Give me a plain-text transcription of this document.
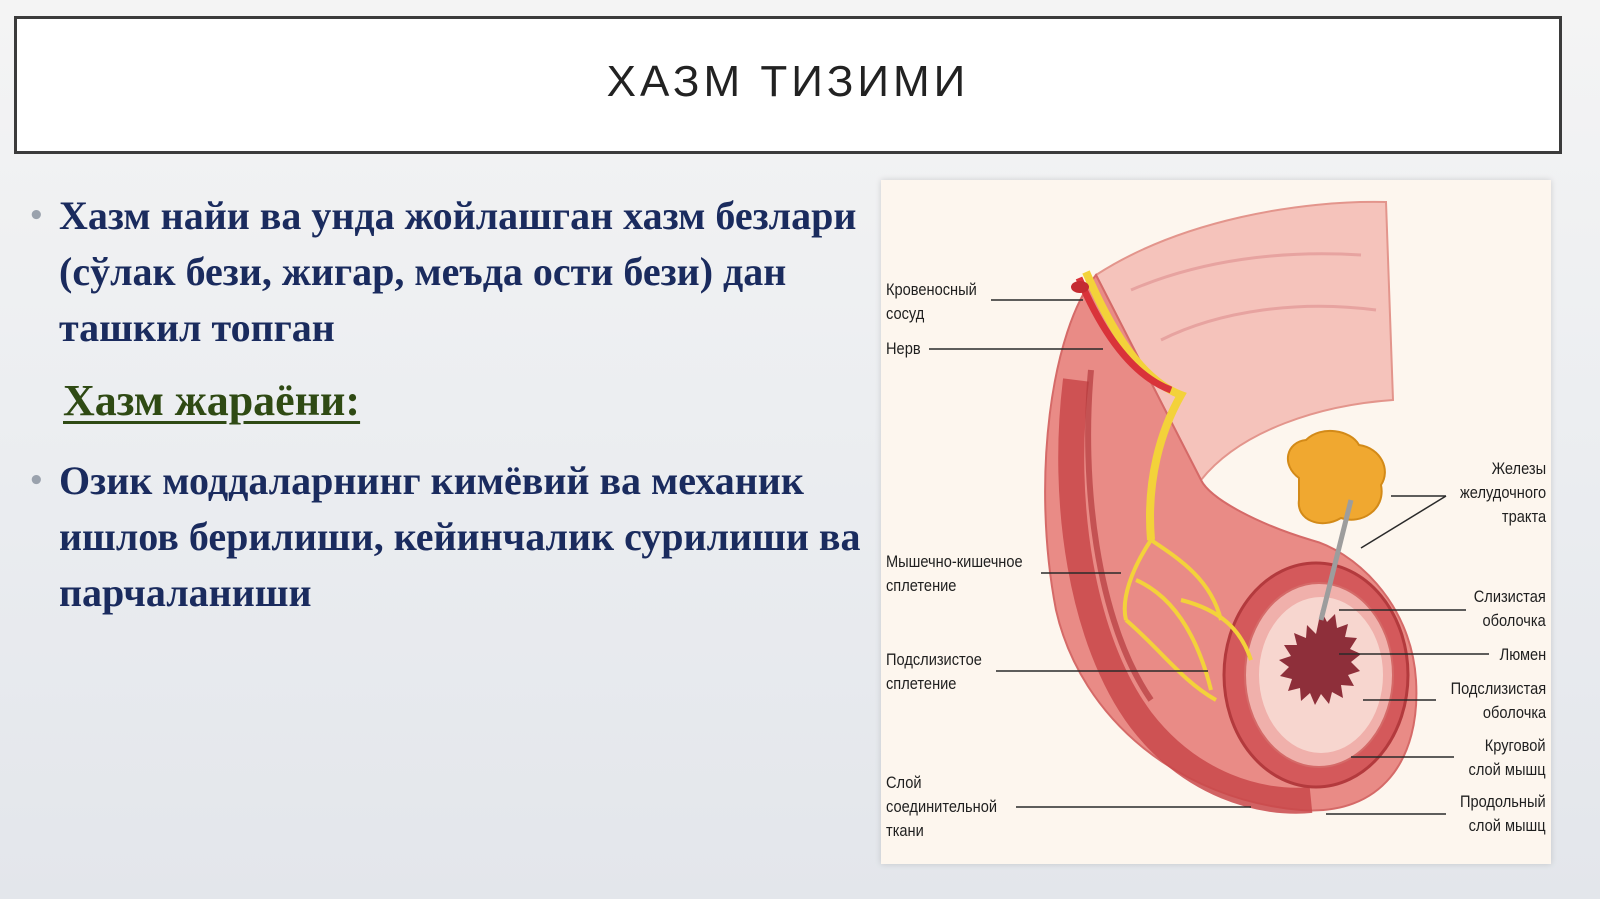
ХАЗМ ТИЗИМИ
• Хазм найи ва унда жойлашган хазм безлари (сўлак бези, жигар, меъда ости бези) дан ташкил топган
Хазм жараёни:
• Озик моддаларнинг кимёвий ва механик ишлов берилиши, кейинчалик сурилиши ва парчаланиши
Кровеносный
сосуд
Нерв
Мышечно-кишечное
сплетение
Подслизистое
сплетение
Слой
соединительной
ткани
Железы
желудочного
тракта
Слизистая
оболочка
Люмен
Подслизистая
оболочка
Круговой
слой мышц
Продольный
слой мышц
